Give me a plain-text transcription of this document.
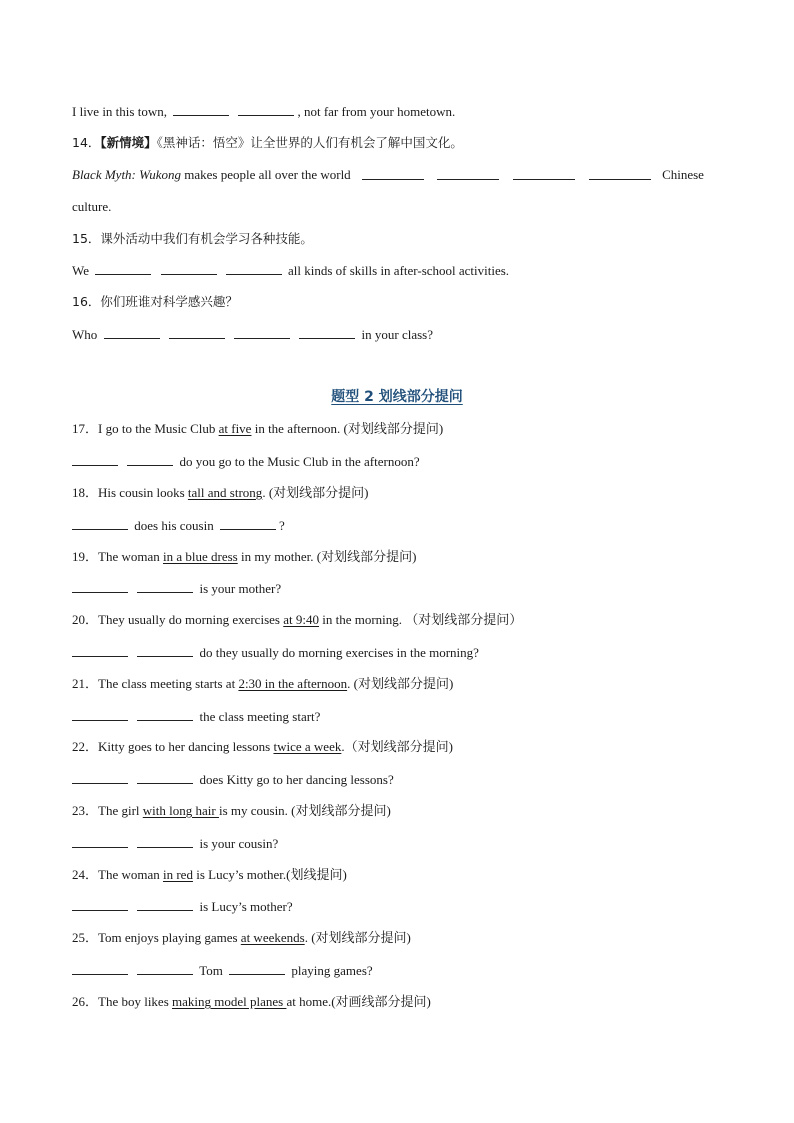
I live in this town,	, not far from your hometown.
14．【新情境】《黑神话：悟空》让全世界的人们有机会了解中国文化。
Black Myth: Wukong makes people all over the world	Chinese
culture.
15．课外活动中我们有机会学习各种技能。
We	all kinds of skills in after-school activities.
16．你们班谁对科学感兴趣？
Who	in your class?
题型 2 划线部分提问
17．I go to the Music Club at five in the afternoon. (对划线部分提问)
do you go to the Music Club in the afternoon?
18．His cousin looks tall and strong. (对划线部分提问)
does his cousin	?
19．The woman in a blue dress in my mother. (对划线部分提问)
is your mother?
20．They usually do morning exercises at 9:40 in the morning. （对划线部分提问）
do they usually do morning exercises in the morning?
21．The class meeting starts at 2:30 in the afternoon. (对划线部分提问)
the class meeting start?
22．Kitty goes to her dancing lessons twice a week.（对划线部分提问)
does Kitty go to her dancing lessons?
23．The girl with long hair is my cousin. (对划线部分提问)
is your cousin?
24．The woman in red is Lucy’s mother.(划线提问)
is Lucy’s mother?
25．Tom enjoys playing games at weekends. (对划线部分提问)
Tom	playing games?
26．The boy likes making model planes at home.(对画线部分提问)
